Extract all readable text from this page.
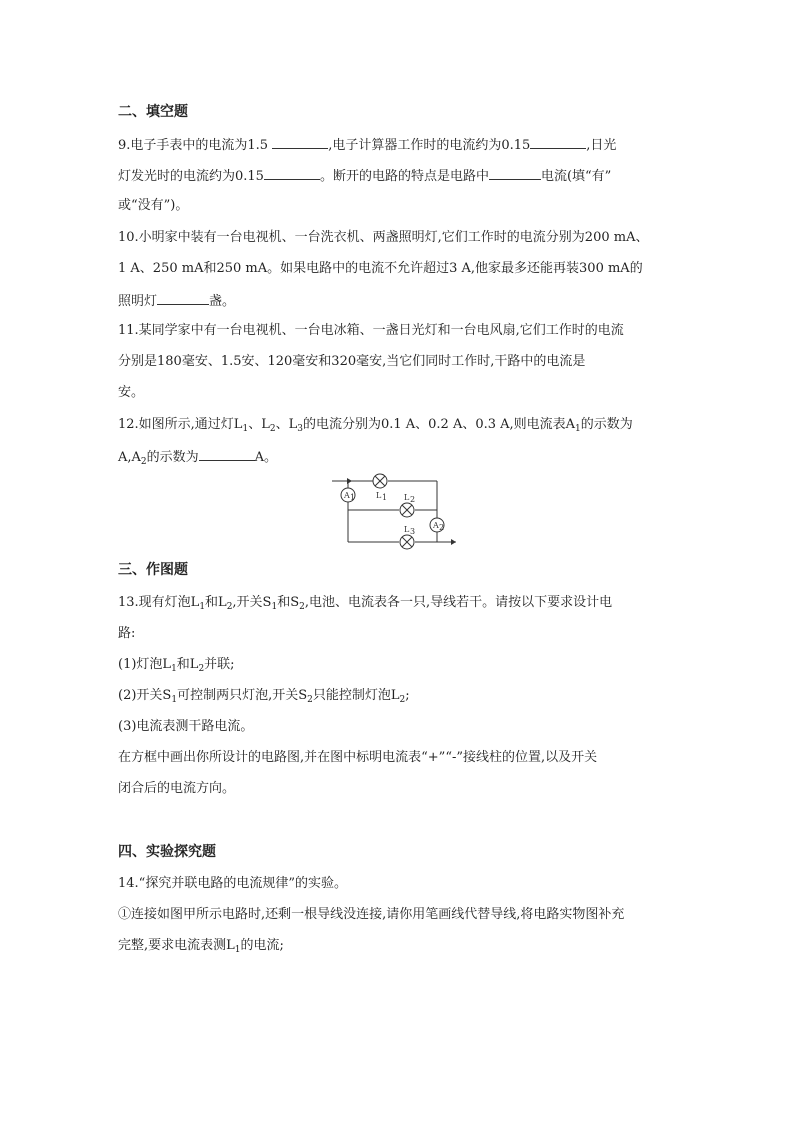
二、填空题
9.电子手表中的电流为1.5	,电子计算器工作时的电流约为0.15	,日光
灯发光时的电流约为0.15	。断开的电路的特点是电路中	电流(填“有”
或“没有”)。
10.小明家中装有一台电视机、一台洗衣机、两盏照明灯,它们工作时的电流分别为200 mA、
1 A、250 mA和250 mA。如果电路中的电流不允许超过3 A,他家最多还能再装300 mA的
照明灯	盏。
11.某同学家中有一台电视机、一台电冰箱、一盏日光灯和一台电风扇,它们工作时的电流
分别是180毫安、1.5安、120毫安和320毫安,当它们同时工作时,干路中的电流是
安。
12.如图所示,通过灯$L_1$、$L_2$、$L_3$的电流分别为0.1 A、0.2 A、0.3 A,则电流表$A_1$的示数为
$A,A_2$的示数为	A。
A 1
A 2
L 1 L 2
L 3
三、作图题
13.现有灯泡$L_1$和$L_2$,开关$S_1$和$S_2$,电池、电流表各一只,导线若干。请按以下要求设计电
路:
(1)灯泡$L_1$和$L_2$并联;
(2)开关$S_1$可控制两只灯泡,开关$S_2$只能控制灯泡$L_2$;
(3)电流表测干路电流。
在方框中画出你所设计的电路图,并在图中标明电流表“+”“-”接线柱的位置,以及开关
闭合后的电流方向。
四、实验探究题
14.“探究并联电路的电流规律”的实验。
①连接如图甲所示电路时,还剩一根导线没连接,请你用笔画线代替导线,将电路实物图补充
完整,要求电流表测$L_1$的电流;
